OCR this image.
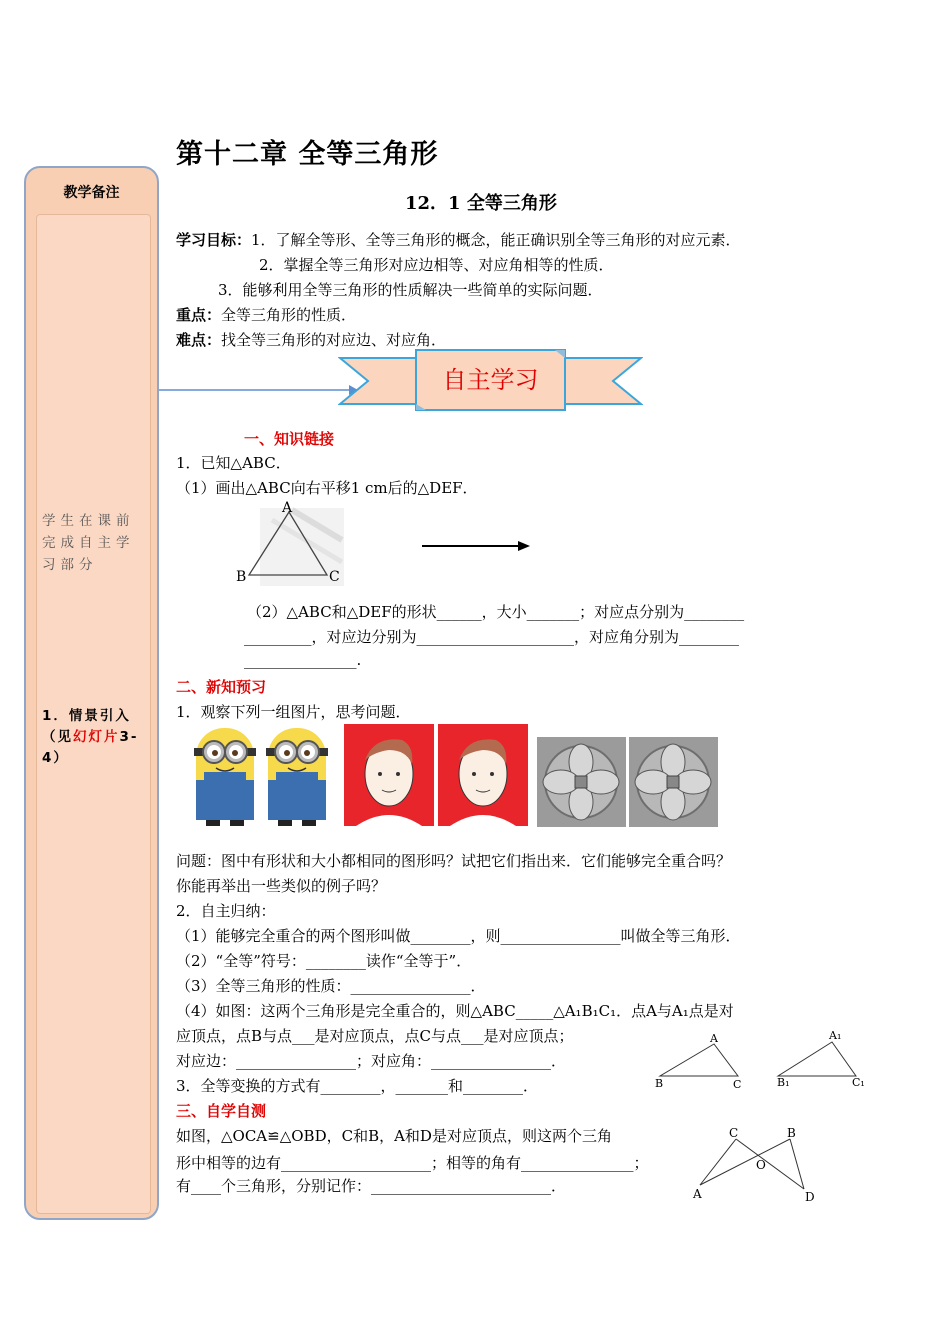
第十二章 全等三角形
教学备注
学生在课前完成自主学习部分
1．情景引入（见幻灯片3-4）
12．1 全等三角形
学习目标：1．了解全等形、全等三角形的概念，能正确识别全等三角形的对应元素．
2．掌握全等三角形对应边相等、对应角相等的性质．
3．能够利用全等三角形的性质解决一些简单的实际问题．
重点：全等三角形的性质．
难点：找全等三角形的对应边、对应角．
自主学习
一、知识链接
1．已知△ABC．
（1）画出△ABC向右平移1 cm后的△DEF．
A
B	C
（2）△ABC和△DEF的形状______，大小_______；对应点分别为________
_________，对应边分别为_____________________，对应角分别为________
_______________.
二、新知预习
1．观察下列一组图片，思考问题．
问题：图中有形状和大小都相同的图形吗？试把它们指出来．它们能够完全重合吗？
你能再举出一些类似的例子吗？
2．自主归纳：
（1）能够完全重合的两个图形叫做________，则________________叫做全等三角形．
（2）“全等”符号：________读作“全等于”．
（3）全等三角形的性质：________________．
（4）如图：这两个三角形是完全重合的，则△ABC_____△A₁B₁C₁．点A与A₁点是对
应顶点，点B与点___是对应顶点，点C与点___是对应顶点；
对应边：________________；对应角：________________．
3．全等变换的方式有________，_______和________．
A
B	C
A₁
B₁	C₁
三、自学自测
如图，△OCA≌△OBD，C和B，A和D是对应顶点，则这两个三角
形中相等的边有____________________；相等的角有_______________；
有____个三角形，分别记作：________________________．
C	B
O
A	D
